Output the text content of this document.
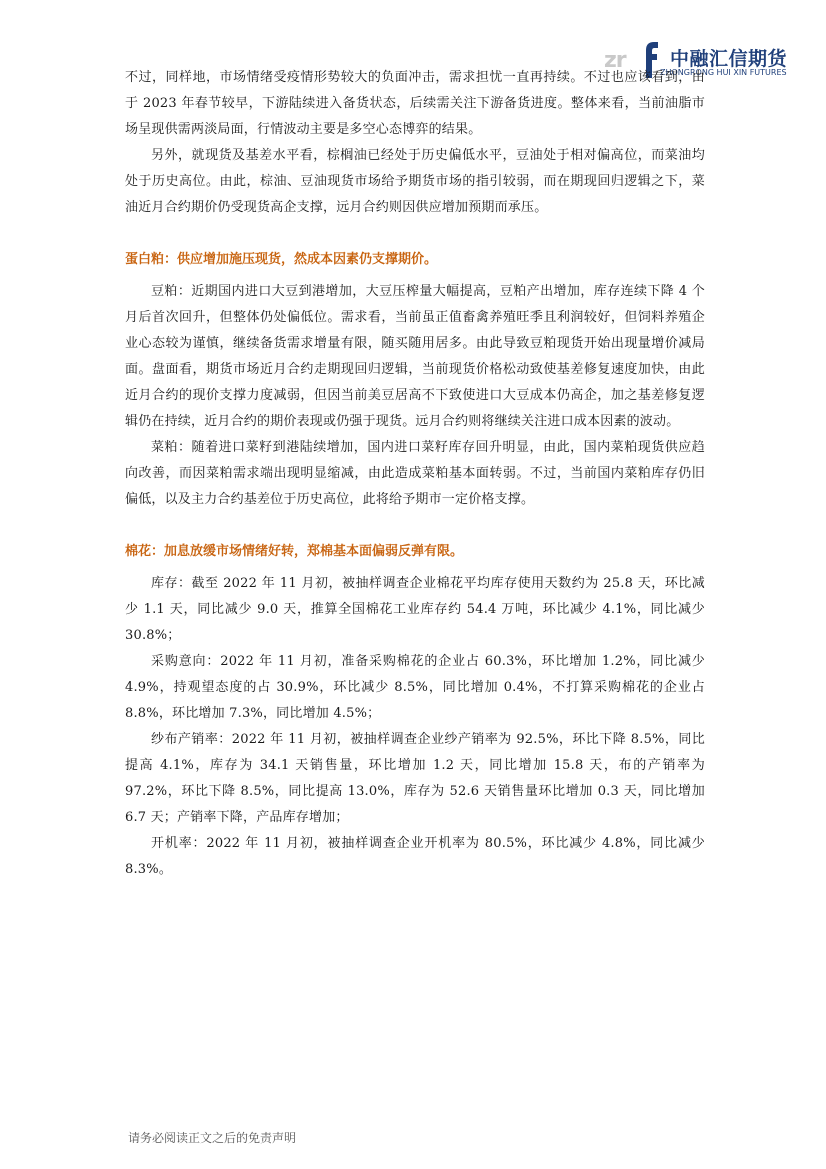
zr 中融汇信期货
ZHONGRONG HUI XIN FUTURES

不过，同样地，市场情绪受疫情形势较大的负面冲击，需求担忧一直再持续。不过也应该看到，由于 2023 年春节较早，下游陆续进入备货状态，后续需关注下游备货进度。整体来看，当前油脂市场呈现供需两淡局面，行情波动主要是多空心态博弈的结果。

另外，就现货及基差水平看，棕榈油已经处于历史偏低水平，豆油处于相对偏高位，而菜油均处于历史高位。由此，棕油、豆油现货市场给予期货市场的指引较弱，而在期现回归逻辑之下，菜油近月合约期价仍受现货高企支撑，远月合约则因供应增加预期而承压。

蛋白粕：供应增加施压现货，然成本因素仍支撑期价。

豆粕：近期国内进口大豆到港增加，大豆压榨量大幅提高，豆粕产出增加，库存连续下降 4 个月后首次回升，但整体仍处偏低位。需求看，当前虽正值畜禽养殖旺季且利润较好，但饲料养殖企业心态较为谨慎，继续备货需求增量有限，随买随用居多。由此导致豆粕现货开始出现量增价减局面。盘面看，期货市场近月合约走期现回归逻辑，当前现货价格松动致使基差修复速度加快，由此近月合约的现价支撑力度减弱，但因当前美豆居高不下致使进口大豆成本仍高企，加之基差修复逻辑仍在持续，近月合约的期价表现或仍强于现货。远月合约则将继续关注进口成本因素的波动。

菜粕：随着进口菜籽到港陆续增加，国内进口菜籽库存回升明显，由此，国内菜粕现货供应趋向改善，而因菜粕需求端出现明显缩减，由此造成菜粕基本面转弱。不过，当前国内菜粕库存仍旧偏低，以及主力合约基差位于历史高位，此将给予期市一定价格支撑。

棉花：加息放缓市场情绪好转，郑棉基本面偏弱反弹有限。

库存：截至 2022 年 11 月初，被抽样调查企业棉花平均库存使用天数约为 25.8 天，环比减少 1.1 天，同比减少 9.0 天，推算全国棉花工业库存约 54.4 万吨，环比减少 4.1%，同比减少 30.8%；

采购意向：2022 年 11 月初，准备采购棉花的企业占 60.3%，环比增加 1.2%，同比减少 4.9%，持观望态度的占 30.9%，环比减少 8.5%，同比增加 0.4%，不打算采购棉花的企业占 8.8%，环比增加 7.3%，同比增加 4.5%；

纱布产销率：2022 年 11 月初，被抽样调查企业纱产销率为 92.5%，环比下降 8.5%，同比提高 4.1%，库存为 34.1 天销售量，环比增加 1.2 天，同比增加 15.8 天，布的产销率为 97.2%，环比下降 8.5%，同比提高 13.0%，库存为 52.6 天销售量环比增加 0.3 天，同比增加 6.7 天；产销率下降，产品库存增加；

开机率：2022 年 11 月初，被抽样调查企业开机率为 80.5%，环比减少 4.8%，同比减少 8.3%。

请务必阅读正文之后的免责声明
